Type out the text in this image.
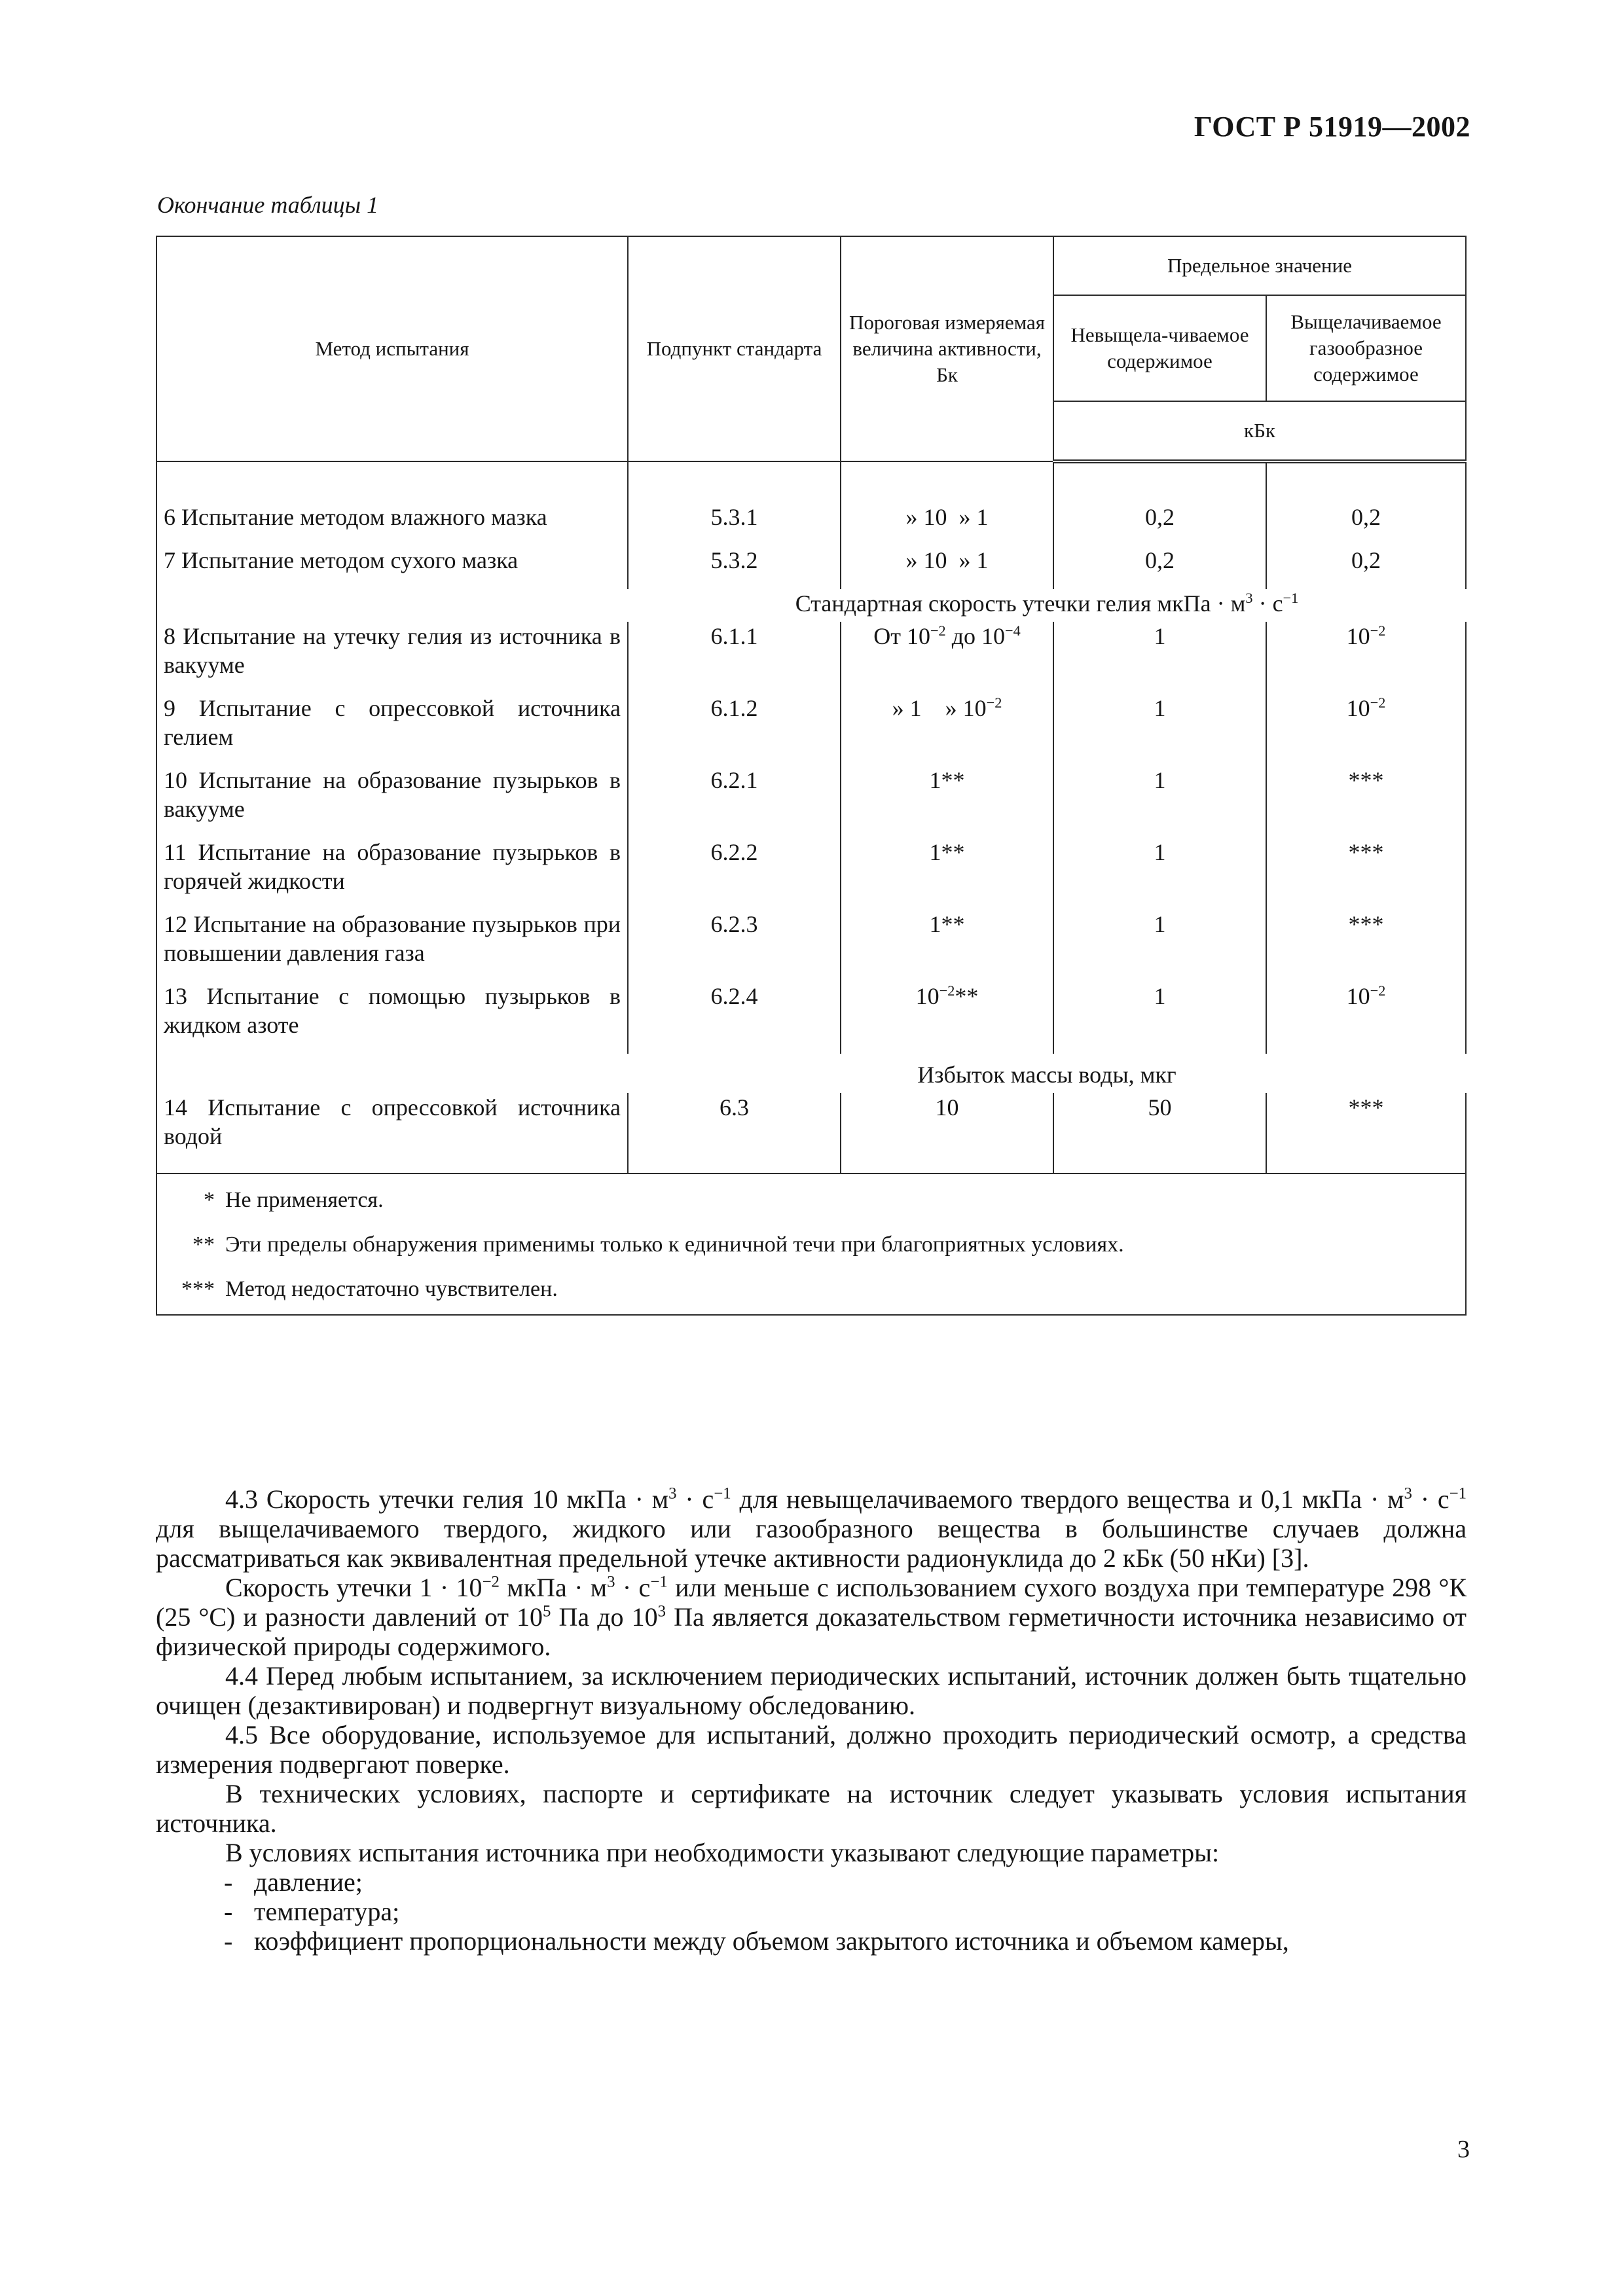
ГОСТ Р 51919—2002
Окончание таблицы 1
Метод испытания	Подпункт стандарта	Пороговая измеряемая величина активности, Бк	Предельное значение	
			Невыщела-чиваемое содержимое	Выщелачиваемое газообразное содержимое
			кБк	

6 Испытание методом влажного мазка	5.3.1	» 10 » 1	0,2	0,2
7 Испытание методом сухого мазка	5.3.2	» 10 » 1	0,2	0,2
	Стандартная скорость утечки гелия мкПа · $м^3 \cdot с^{-1}$
8 Испытание на утечку гелия из источника в вакууме	6.1.1	От $10^{-2}$ до $10^{-4}$	1	$10^{-2}$
9 Испытание с опрессовкой источника гелием	6.1.2	» 1 » $10^{-2}$	1	$10^{-2}$
10 Испытание на образование пузырьков в вакууме	6.2.1	1**	1	***
11 Испытание на образование пузырьков в горячей жидкости	6.2.2	1**	1	***
12 Испытание на образование пузырьков при повышении давления газа	6.2.3	1**	1	***
13 Испытание с помощью пузырьков в жидком азоте	6.2.4	$10^{-2}**$	1	$10^{-2}$
	Избыток массы воды, мкг			
14 Испытание с опрессовкой источника водой	6.3	10	50	***
* Не применяется.				
** Эти пределы обнаружения применимы только к единичной течи при благоприятных условиях.				
*** Метод недостаточно чувствителен.				

4.3 Скорость утечки гелия 10 мкПа · $м^3 \cdot с^{-1}$ для невыщелачиваемого твердого вещества и 0,1 мкПа · $м^3 \cdot с^{-1}$ для выщелачиваемого твердого, жидкого или газообразного вещества в большинстве случаев должна рассматриваться как эквивалентная предельной утечке активности радионуклида до 2 кБк (50 нКи) [3].

Скорость утечки $1 \cdot 10^{-2}$ мкПа · $м^3 \cdot с^{-1}$ или меньше с использованием сухого воздуха при температуре 298 °К (25 °С) и разности давлений от $10^5$ Па до $10^3$ Па является доказательством герметичности источника независимо от физической природы содержимого.

4.4 Перед любым испытанием, за исключением периодических испытаний, источник должен быть тщательно очищен (дезактивирован) и подвергнут визуальному обследованию.

4.5 Все оборудование, используемое для испытаний, должно проходить периодический осмотр, а средства измерения подвергают поверке.

В технических условиях, паспорте и сертификате на источник следует указывать условия испытания источника.

В условиях испытания источника при необходимости указывают следующие параметры:

- давление;

- температура;

- коэффициент пропорциональности между объемом закрытого источника и объемом камеры,

3
